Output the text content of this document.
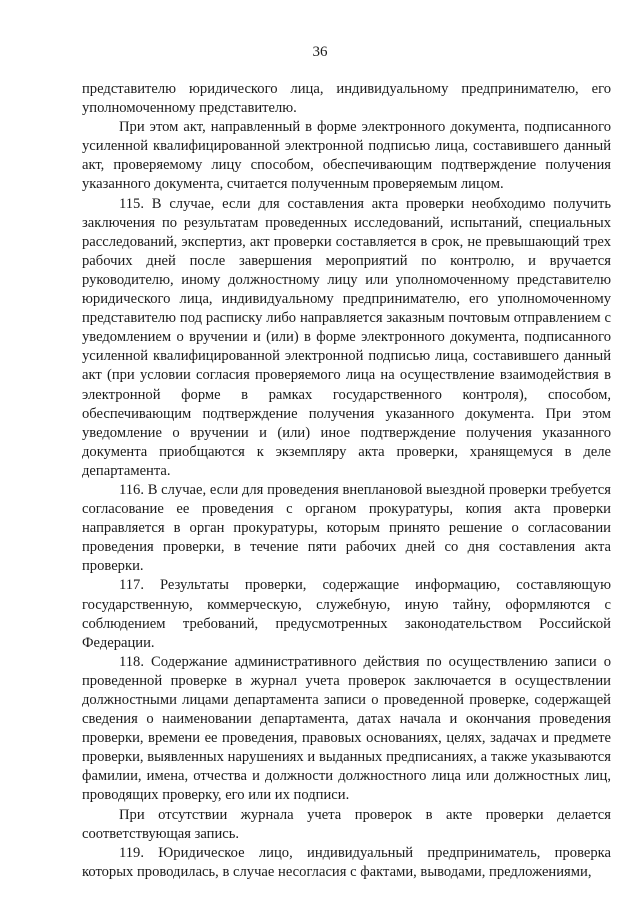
36

представителю юридического лица, индивидуальному предпринимателю, его уполномоченному представителю.

При этом акт, направленный в форме электронного документа, подписанного усиленной квалифицированной электронной подписью лица, составившего данный акт, проверяемому лицу способом, обеспечивающим подтверждение получения указанного документа, считается полученным проверяемым лицом.

115. В случае, если для составления акта проверки необходимо получить заключения по результатам проведенных исследований, испытаний, специальных расследований, экспертиз, акт проверки составляется в срок, не превышающий трех рабочих дней после завершения мероприятий по контролю, и вручается руководителю, иному должностному лицу или уполномоченному представителю юридического лица, индивидуальному предпринимателю, его уполномоченному представителю под расписку либо направляется заказным почтовым отправлением с уведомлением о вручении и (или) в форме электронного документа, подписанного усиленной квалифицированной электронной подписью лица, составившего данный акт (при условии согласия проверяемого лица на осуществление взаимодействия в электронной форме в рамках государственного контроля), способом, обеспечивающим подтверждение получения указанного документа. При этом уведомление о вручении и (или) иное подтверждение получения указанного документа приобщаются к экземпляру акта проверки, хранящемуся в деле департамента.

116. В случае, если для проведения внеплановой выездной проверки требуется согласование ее проведения с органом прокуратуры, копия акта проверки направляется в орган прокуратуры, которым принято решение о согласовании проведения проверки, в течение пяти рабочих дней со дня составления акта проверки.

117. Результаты проверки, содержащие информацию, составляющую государственную, коммерческую, служебную, иную тайну, оформляются с соблюдением требований, предусмотренных законодательством Российской Федерации.

118. Содержание административного действия по осуществлению записи о проведенной проверке в журнал учета проверок заключается в осуществлении должностными лицами департамента записи о проведенной проверке, содержащей сведения о наименовании департамента, датах начала и окончания проведения проверки, времени ее проведения, правовых основаниях, целях, задачах и предмете проверки, выявленных нарушениях и выданных предписаниях, а также указываются фамилии, имена, отчества и должности должностного лица или должностных лиц, проводящих проверку, его или их подписи.

При отсутствии журнала учета проверок в акте проверки делается соответствующая запись.

119. Юридическое лицо, индивидуальный предприниматель, проверка которых проводилась, в случае несогласия с фактами, выводами, предложениями,
